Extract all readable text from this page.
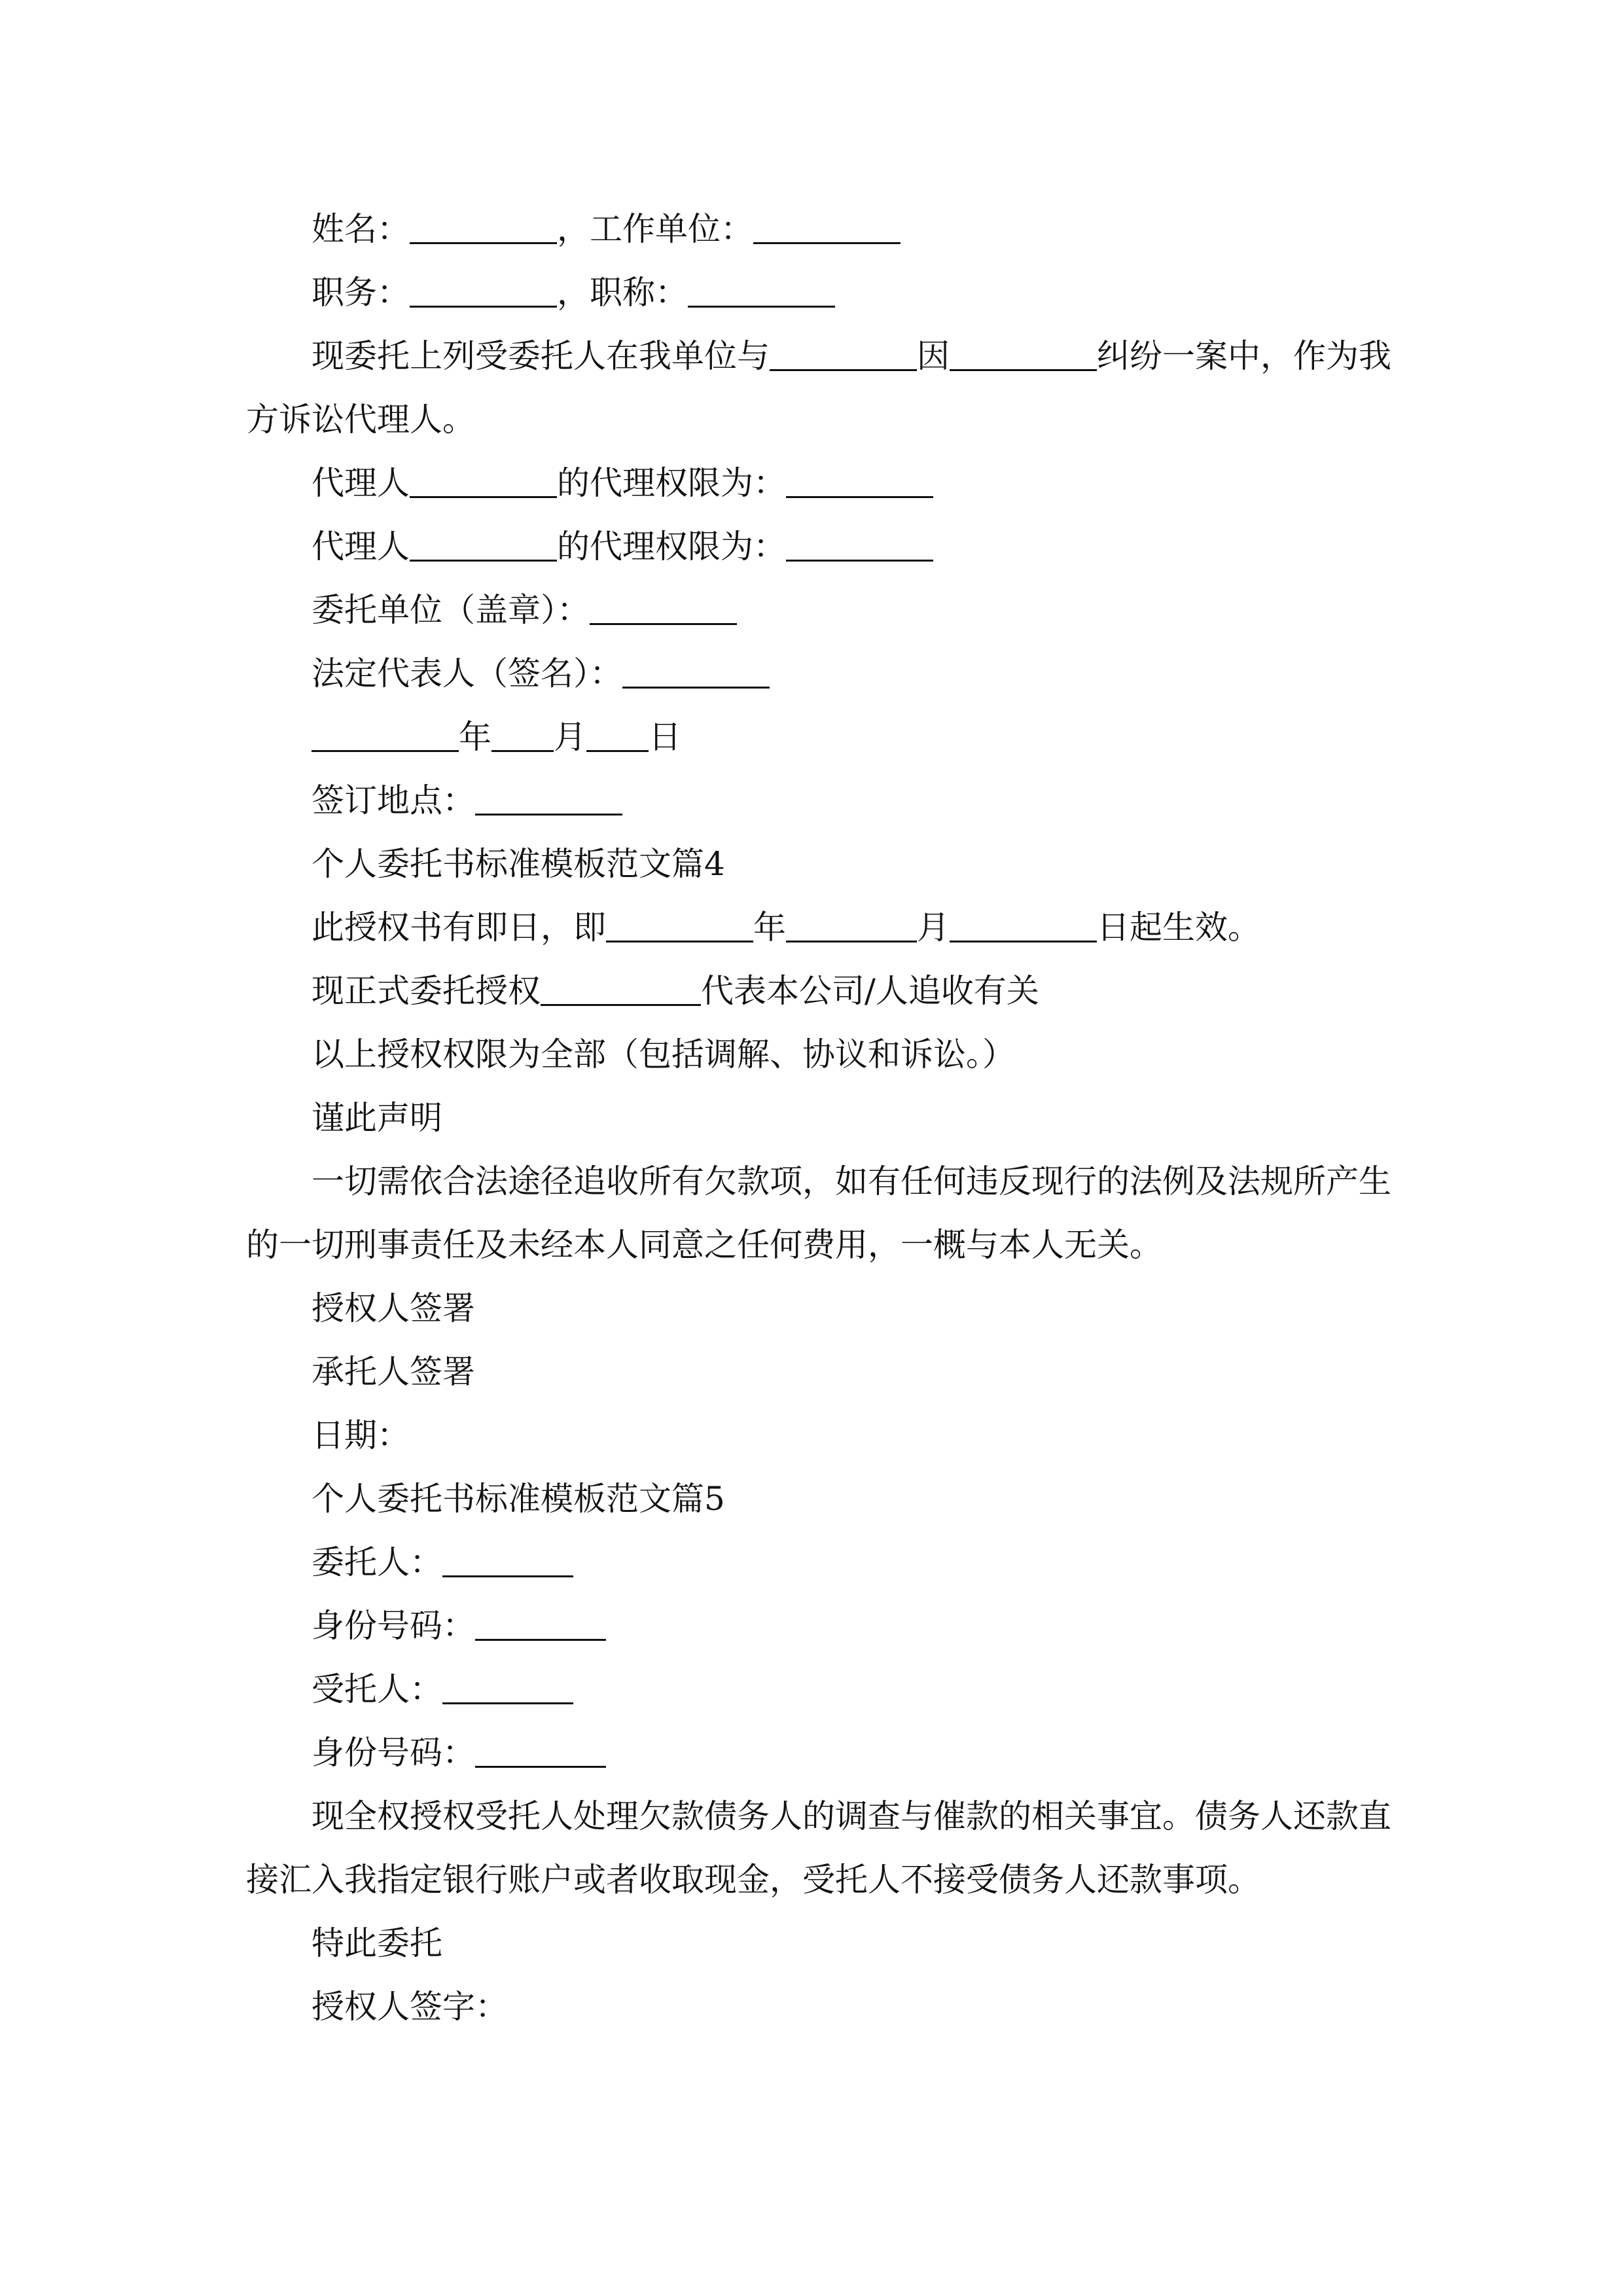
姓名：	，工作单位：
职务：	，职称：
现委托上列受委托人在我单位与	因	纠纷一案中，作为我
方诉讼代理人。
代理人	的代理权限为：
代理人	的代理权限为：
委托单位（盖章）：
法定代表人（签名）：
年 月 日
签订地点：
个人委托书标准模板范文篇4
此授权书有即日，即	年	月	日起生效。
现正式委托授权	代表本公司/人追收有关
以上授权权限为全部（包括调解、协议和诉讼。）
谨此声明
一切需依合法途径追收所有欠款项，如有任何违反现行的法例及法规所产生
的一切刑事责任及未经本人同意之任何费用，一概与本人无关。
授权人签署
承托人签署
日期：
个人委托书标准模板范文篇5
委托人：
身份号码：
受托人：
身份号码：
现全权授权受托人处理欠款债务人的调查与催款的相关事宜。债务人还款直
接汇入我指定银行账户或者收取现金，受托人不接受债务人还款事项。
特此委托
授权人签字：
